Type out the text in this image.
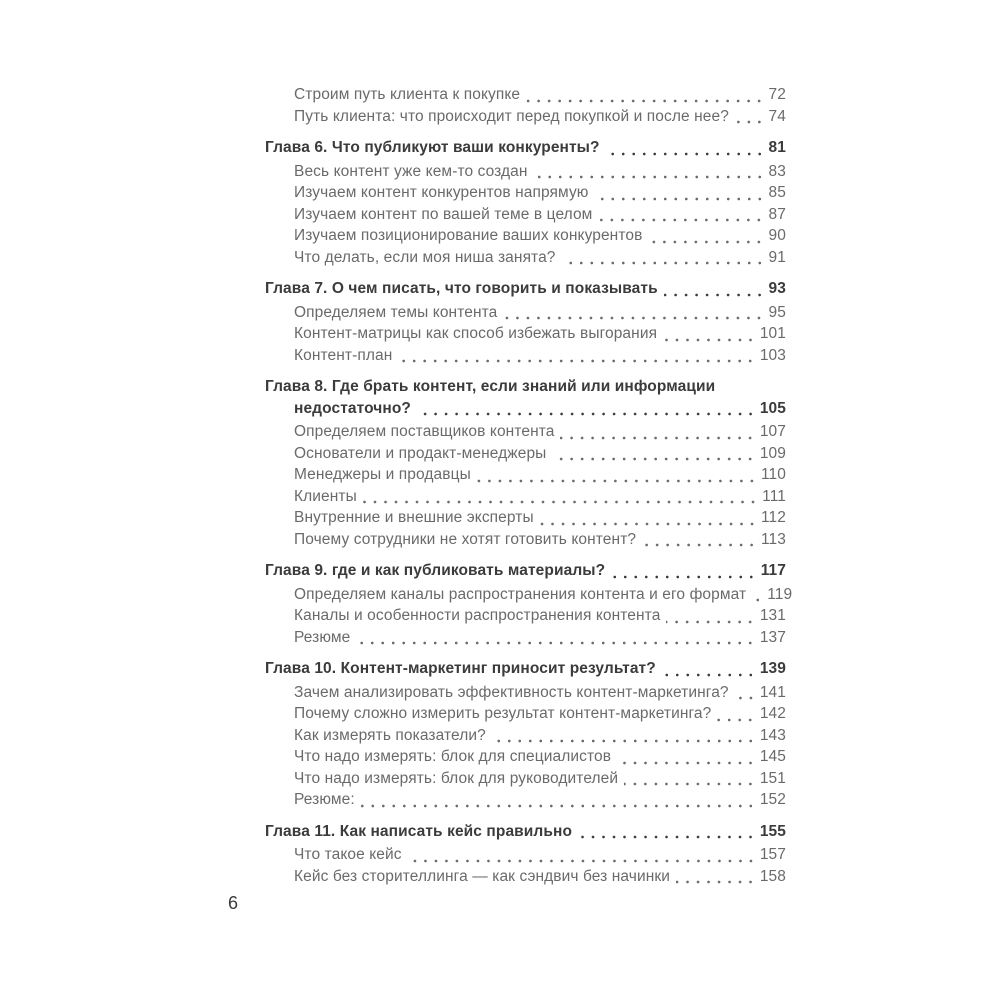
Строим путь клиента к покупке	72
Путь клиента: что происходит перед покупкой и после нее?	74
Глава 6. Что публикуют ваши конкуренты?	81
Весь контент уже кем-то создан	83
Изучаем контент конкурентов напрямую	85
Изучаем контент по вашей теме в целом	87
Изучаем позиционирование ваших конкурентов	90
Что делать, если моя ниша занята?	91
Глава 7. О чем писать, что говорить и показывать	93
Определяем темы контента	95
Контент-матрицы как способ избежать выгорания	101
Контент-план	103
Глава 8. Где брать контент, если знаний или информации
недостаточно?	105
Определяем поставщиков контента	107
Основатели и продакт-менеджеры	109
Менеджеры и продавцы	110
Клиенты	111
Внутренние и внешние эксперты	112
Почему сотрудники не хотят готовить контент?	113
Глава 9. где и как публиковать материалы?	117
Определяем каналы распространения контента и его формат 119
Каналы и особенности распространения контента	131
Резюме	137
Глава 10. Контент-маркетинг приносит результат?	139
Зачем анализировать эффективность контент-маркетинга? 141
Почему сложно измерить результат контент-маркетинга?	142
Как измерять показатели?	143
Что надо измерять: блок для специалистов	145
Что надо измерять: блок для руководителей	151
Резюме:	152
Глава 11. Как написать кейс правильно	155
Что такое кейс	157
Кейс без сторителлинга — как сэндвич без начинки	158
6
